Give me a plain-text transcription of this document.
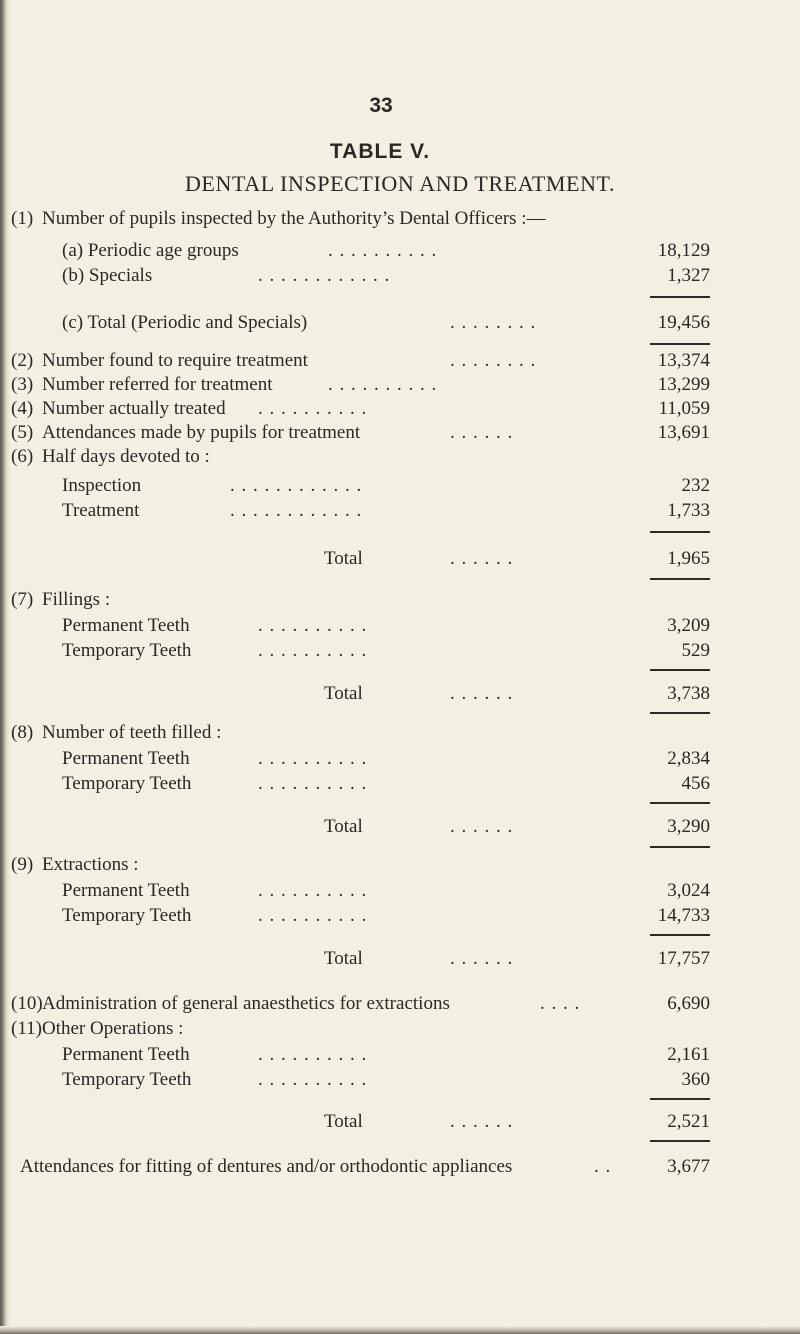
33
TABLE V.
DENTAL INSPECTION AND TREATMENT.
(1) Number of pupils inspected by the Authority’s Dental Officers :—
(a) Periodic age groups	. . . . . . . . . .	18,129
(b) Specials	. . . . . . . . . . . .	1,327
(c) Total (Periodic and Specials)	. . . . . . . .	19,456
(2) Number found to require treatment	. . . . . . . .	13,374
(3) Number referred for treatment	. . . . . . . . . .	13,299
(4) Number actually treated . . . . . . . . . .	11,059
(5) Attendances made by pupils for treatment	. . . . . .	13,691
(6) Half days devoted to :
Inspection	. . . . . . . . . . . .	232
Treatment	. . . . . . . . . . . .	1,733
Total	. . . . . .	1,965
(7) Fillings :
Permanent Teeth	. . . . . . . . . .	3,209
Temporary Teeth	. . . . . . . . . .	529
Total	. . . . . .	3,738
(8) Number of teeth filled :
Permanent Teeth	. . . . . . . . . .	2,834
Temporary Teeth	. . . . . . . . . .	456
Total	. . . . . .	3,290
(9) Extractions :
Permanent Teeth	. . . . . . . . . .	3,024
Temporary Teeth	. . . . . . . . . .	14,733
Total	. . . . . .	17,757
(10) Administration of general anaesthetics for extractions	. . . .	6,690
(11) Other Operations :
Permanent Teeth	. . . . . . . . . .	2,161
Temporary Teeth	. . . . . . . . . .	360
Total	. . . . . .	2,521
Attendances for fitting of dentures and/or orthodontic appliances	. .	3,677
